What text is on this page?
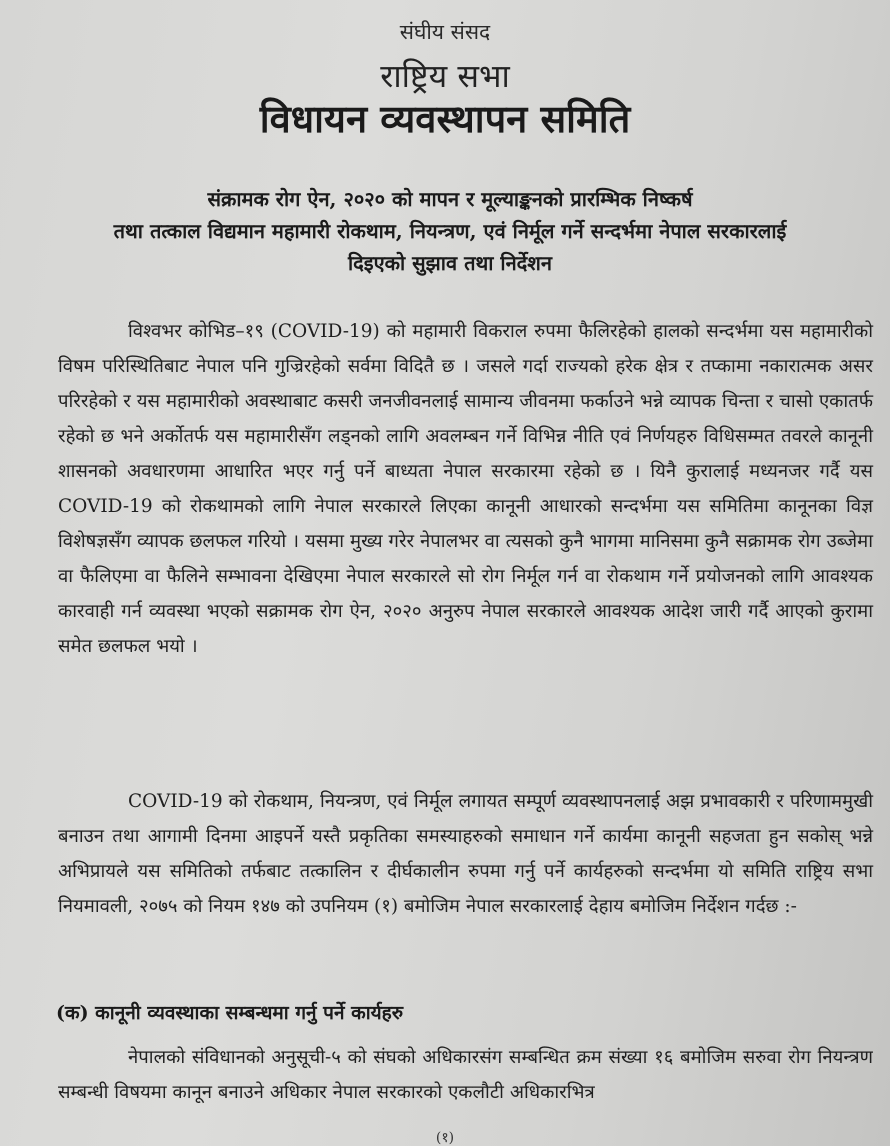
संघीय संसद
राष्ट्रिय सभा
विधायन व्यवस्थापन समिति
संक्रामक रोग ऐन, २०२० को मापन र मूल्याङ्कनको प्रारम्भिक निष्कर्ष
तथा तत्काल विद्यमान महामारी रोकथाम, नियन्त्रण, एवं निर्मूल गर्ने सन्दर्भमा नेपाल सरकारलाई
दिइएको सुझाव तथा निर्देशन
विश्वभर कोभिड–१९ (COVID-19) को महामारी विकराल रुपमा फैलिरहेको हालको सन्दर्भमा यस महामारीको विषम परिस्थितिबाट नेपाल पनि गुज्रिरहेको सर्वमा विदितै छ । जसले गर्दा राज्यको हरेक क्षेत्र र तप्कामा नकारात्मक असर परिरहेको र यस महामारीको अवस्थाबाट कसरी जनजीवनलाई सामान्य जीवनमा फर्काउने भन्ने व्यापक चिन्ता र चासो एकातर्फ रहेको छ भने अर्कोतर्फ यस महामारीसँग लड्नको लागि अवलम्बन गर्ने विभिन्न नीति एवं निर्णयहरु विधिसम्मत तवरले कानूनी शासनको अवधारणमा आधारित भएर गर्नु पर्ने बाध्यता नेपाल सरकारमा रहेको छ । यिनै कुरालाई मध्यनजर गर्दै यस COVID-19 को रोकथामको लागि नेपाल सरकारले लिएका कानूनी आधारको सन्दर्भमा यस समितिमा कानूनका विज्ञ विशेषज्ञसँग व्यापक छलफल गरियो । यसमा मुख्य गरेर नेपालभर वा त्यसको कुनै भागमा मानिसमा कुनै सक्रामक रोग उब्जेमा वा फैलिएमा वा फैलिने सम्भावना देखिएमा नेपाल सरकारले सो रोग निर्मूल गर्न वा रोकथाम गर्ने प्रयोजनको लागि आवश्यक कारवाही गर्न व्यवस्था भएको सक्रामक रोग ऐन, २०२० अनुरुप नेपाल सरकारले आवश्यक आदेश जारी गर्दै आएको कुरामा समेत छलफल भयो ।
COVID-19 को रोकथाम, नियन्त्रण, एवं निर्मूल लगायत सम्पूर्ण व्यवस्थापनलाई अझ प्रभावकारी र परिणाममुखी बनाउन तथा आगामी दिनमा आइपर्ने यस्तै प्रकृतिका समस्याहरुको समाधान गर्ने कार्यमा कानूनी सहजता हुन सकोस् भन्ने अभिप्रायले यस समितिको तर्फबाट तत्कालिन र दीर्घकालीन रुपमा गर्नु पर्ने कार्यहरुको सन्दर्भमा यो समिति राष्ट्रिय सभा नियमावली, २०७५ को नियम १४७ को उपनियम (१) बमोजिम नेपाल सरकारलाई देहाय बमोजिम निर्देशन गर्दछ :-
(क) कानूनी व्यवस्थाका सम्बन्धमा गर्नु पर्ने कार्यहरु
नेपालको संविधानको अनुसूची-५ को संघको अधिकारसंग सम्बन्धित क्रम संख्या १६ बमोजिम सरुवा रोग नियन्त्रण सम्बन्धी विषयमा कानून बनाउने अधिकार नेपाल सरकारको एकलौटी अधिकारभित्र
(१)
